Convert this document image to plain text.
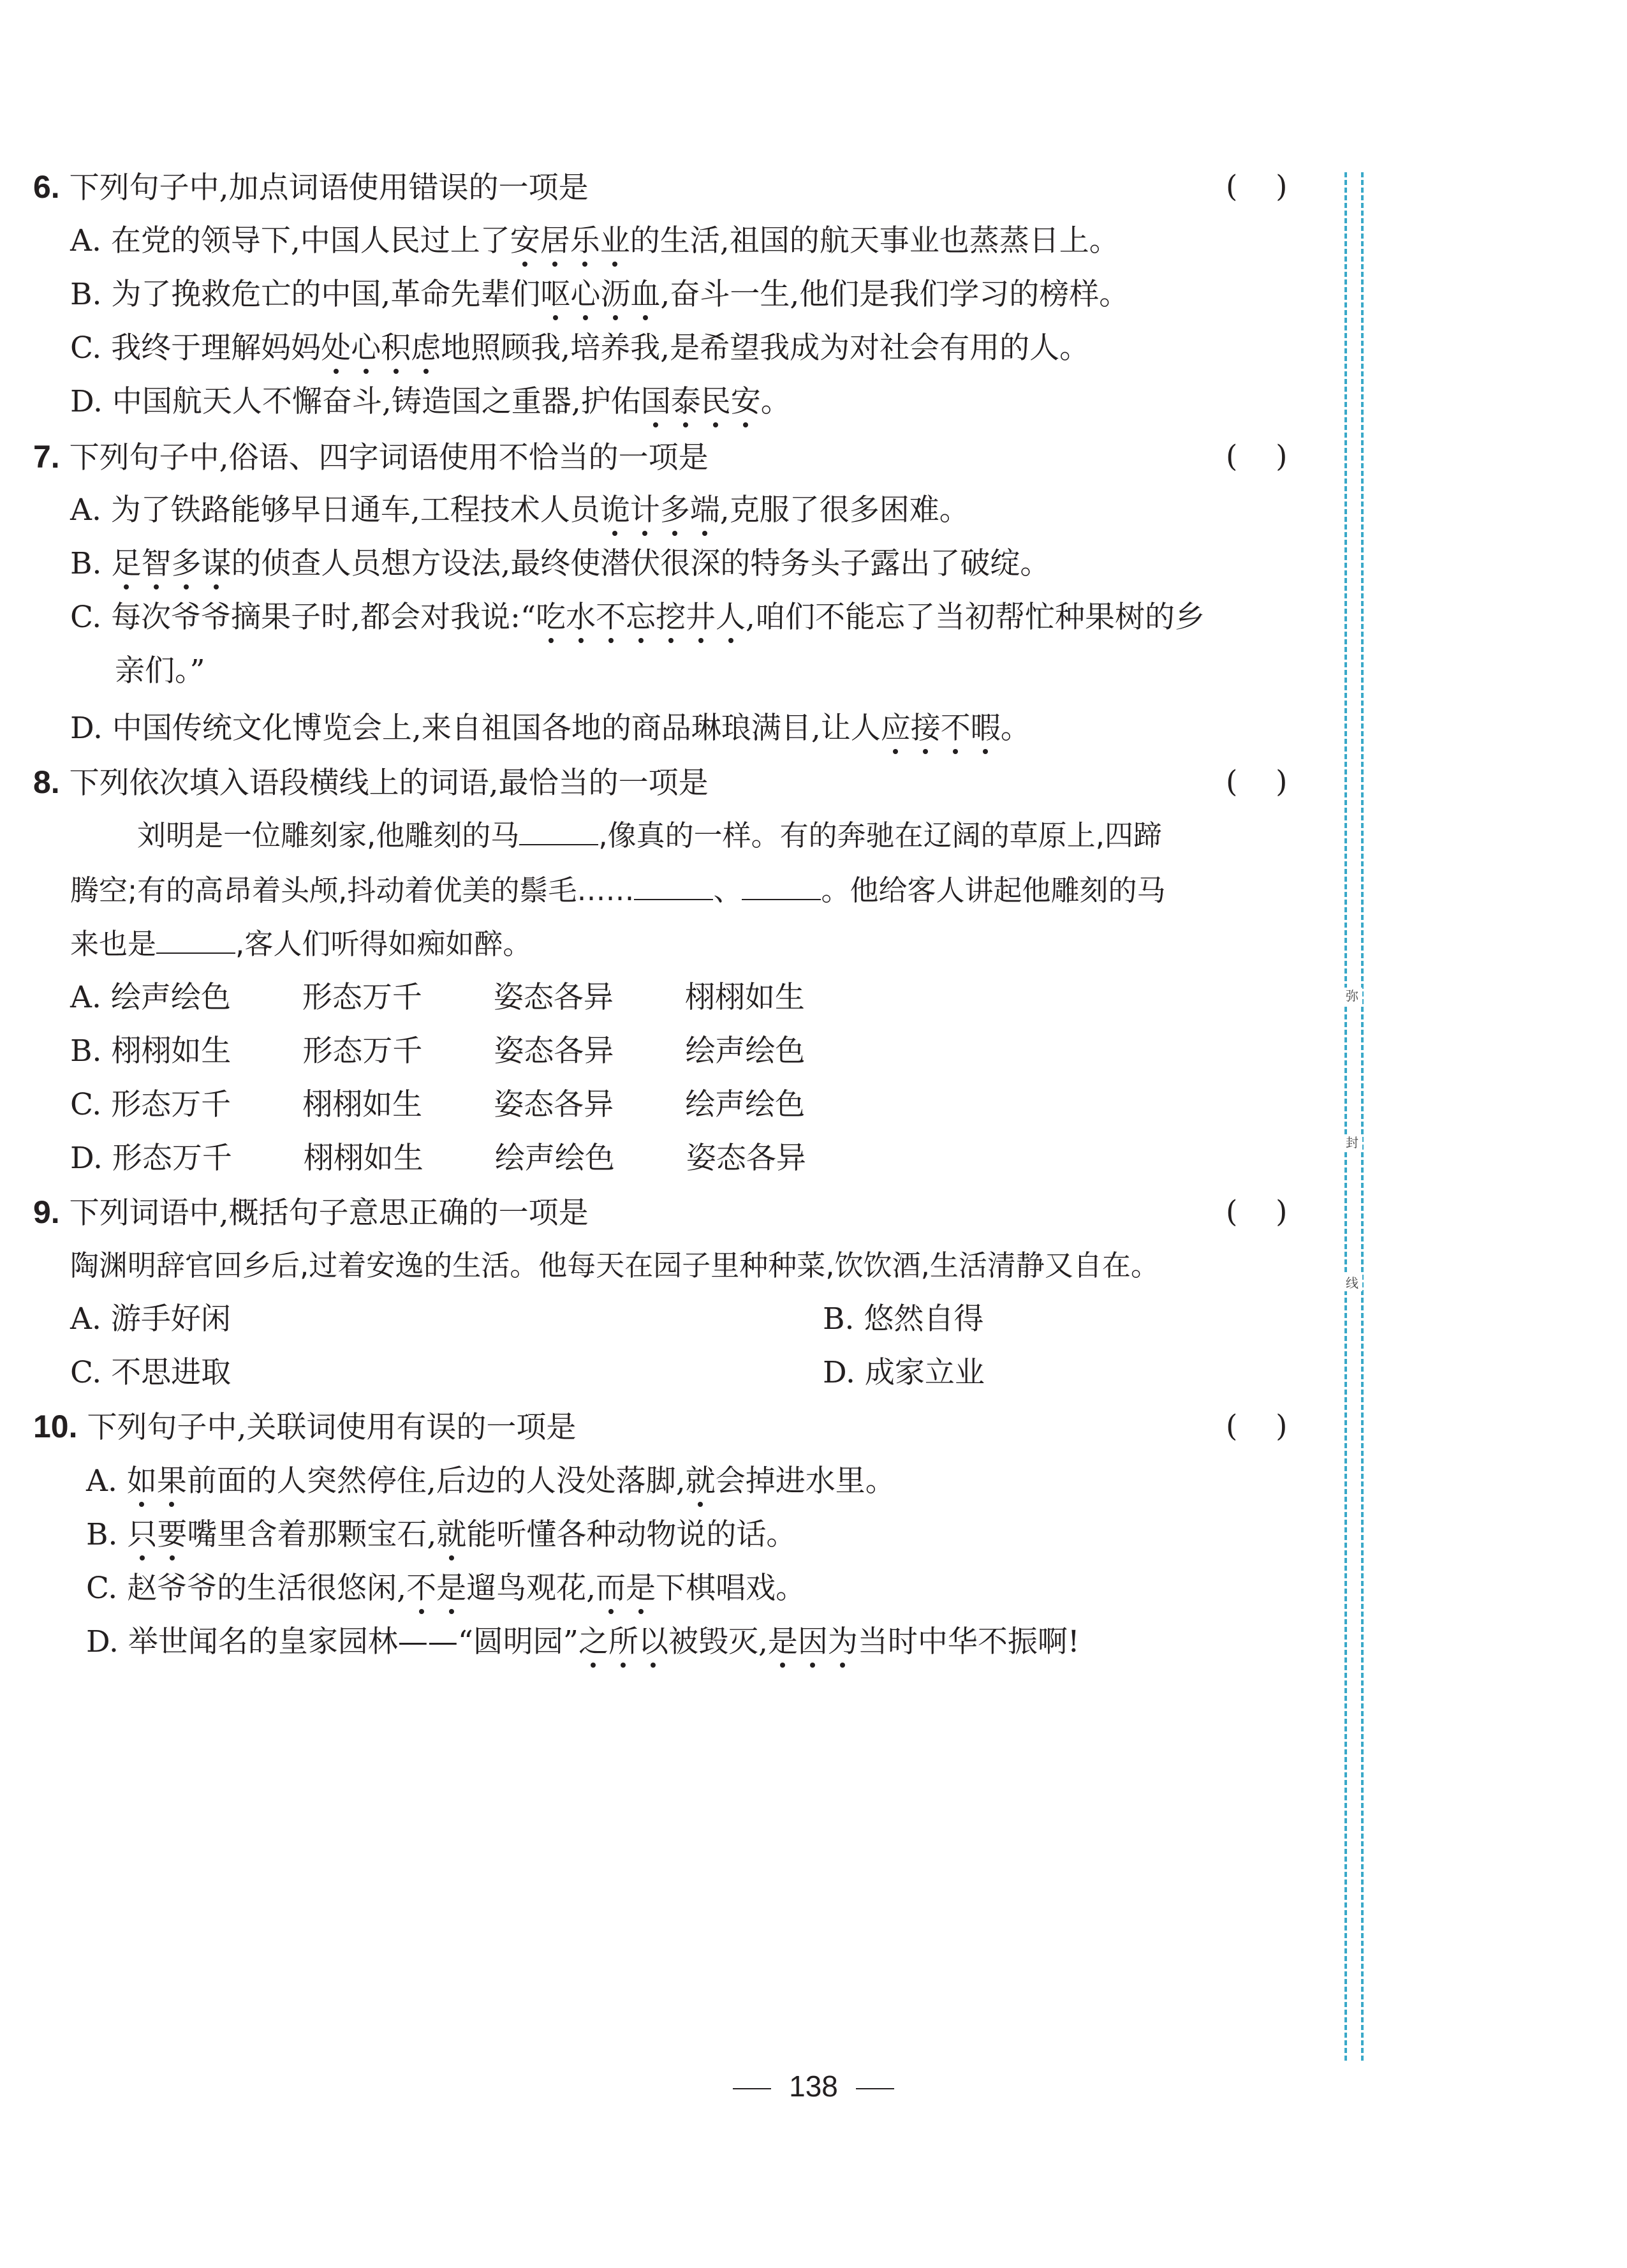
6. 下列句子中,加点词语使用错误的一项是	(    )
A. 在党的领导下,中国人民过上了安居乐业的生活,祖国的航天事业也蒸蒸日上。
B. 为了挽救危亡的中国,革命先辈们呕心沥血,奋斗一生,他们是我们学习的榜样。
C. 我终于理解妈妈处心积虑地照顾我,培养我,是希望我成为对社会有用的人。
D. 中国航天人不懈奋斗,铸造国之重器,护佑国泰民安。
7. 下列句子中,俗语、四字词语使用不恰当的一项是	(    )
A. 为了铁路能够早日通车,工程技术人员诡计多端,克服了很多困难。
B. 足智多谋的侦查人员想方设法,最终使潜伏很深的特务头子露出了破绽。
C. 每次爷爷摘果子时,都会对我说:“吃水不忘挖井人,咱们不能忘了当初帮忙种果树的乡
亲们。”
D. 中国传统文化博览会上,来自祖国各地的商品琳琅满目,让人应接不暇。
8. 下列依次填入语段横线上的词语,最恰当的一项是	(    )
刘明是一位雕刻家,他雕刻的马	,像真的一样。有的奔驰在辽阔的草原上,四蹄
腾空;有的高昂着头颅,抖动着优美的鬃毛……	、	。他给客人讲起他雕刻的马
来也是	,客人们听得如痴如醉。
A. 绘声绘色 形态万千 姿态各异 栩栩如生
B. 栩栩如生 形态万千 姿态各异 绘声绘色
C. 形态万千 栩栩如生 姿态各异 绘声绘色
D. 形态万千 栩栩如生 绘声绘色 姿态各异
9. 下列词语中,概括句子意思正确的一项是	(    )
陶渊明辞官回乡后,过着安逸的生活。他每天在园子里种种菜,饮饮酒,生活清静又自在。
A. 游手好闲	B. 悠然自得
C. 不思进取	D. 成家立业
10. 下列句子中,关联词使用有误的一项是	(    )
A. 如果前面的人突然停住,后边的人没处落脚,就会掉进水里。
B. 只要嘴里含着那颗宝石,就能听懂各种动物说的话。
C. 赵爷爷的生活很悠闲,不是遛鸟观花,而是下棋唱戏。
D. 举世闻名的皇家园林——“圆明园”之所以被毁灭,是因为当时中华不振啊!
弥
封
线
138
